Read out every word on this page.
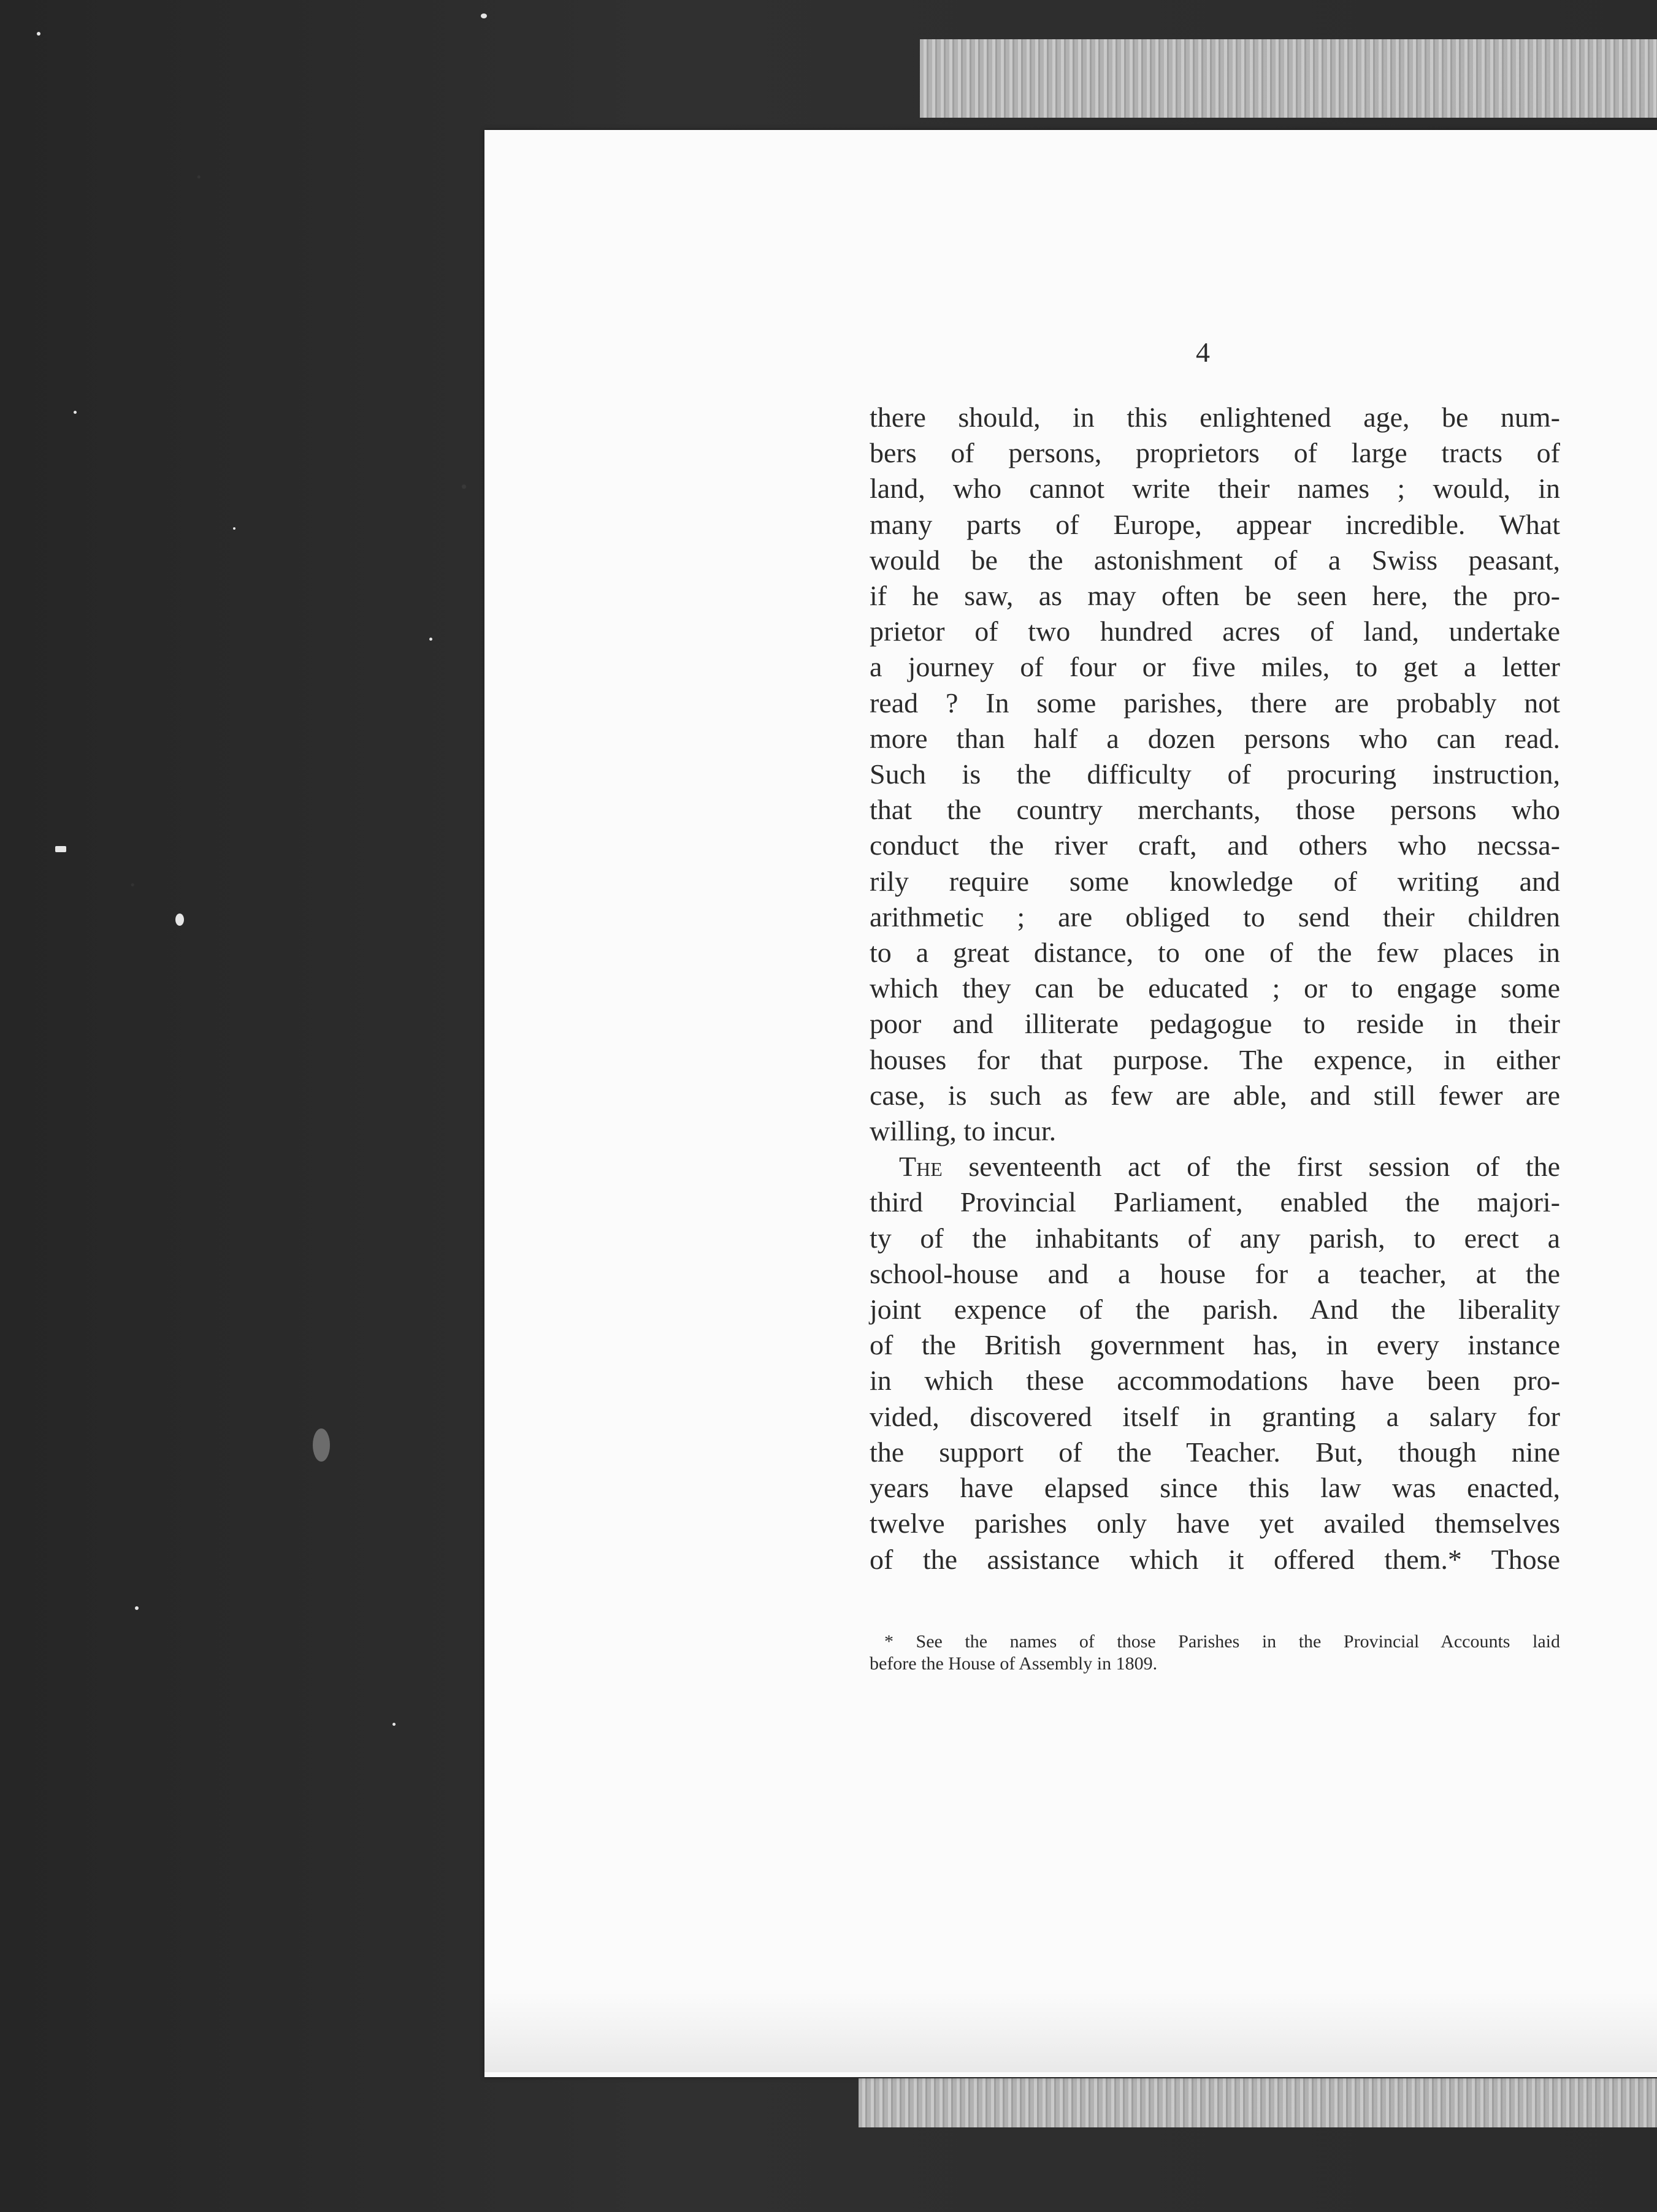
4
there should, in this enlightened age, be num-
bers of persons, proprietors of large tracts of
land, who cannot write their names ; would, in
many parts of Europe, appear incredible. What
would be the astonishment of a Swiss peasant,
if he saw, as may often be seen here, the pro-
prietor of two hundred acres of land, undertake
a journey of four or five miles, to get a letter
read ? In some parishes, there are probably not
more than half a dozen persons who can read.
Such is the difficulty of procuring instruction,
that the country merchants, those persons who
conduct the river craft, and others who necssa-
rily require some knowledge of writing and
arithmetic ; are obliged to send their children
to a great distance, to one of the few places in
which they can be educated ; or to engage some
poor and illiterate pedagogue to reside in their
houses for that purpose. The expence, in either
case, is such as few are able, and still fewer are
willing, to incur.
The seventeenth act of the first session of the
third Provincial Parliament, enabled the majori-
ty of the inhabitants of any parish, to erect a
school-house and a house for a teacher, at the
joint expence of the parish. And the liberality
of the British government has, in every instance
in which these accommodations have been pro-
vided, discovered itself in granting a salary for
the support of the Teacher. But, though nine
years have elapsed since this law was enacted,
twelve parishes only have yet availed themselves
of the assistance which it offered them.* Those
* See the names of those Parishes in the Provincial Accounts laid
before the House of Assembly in 1809.
